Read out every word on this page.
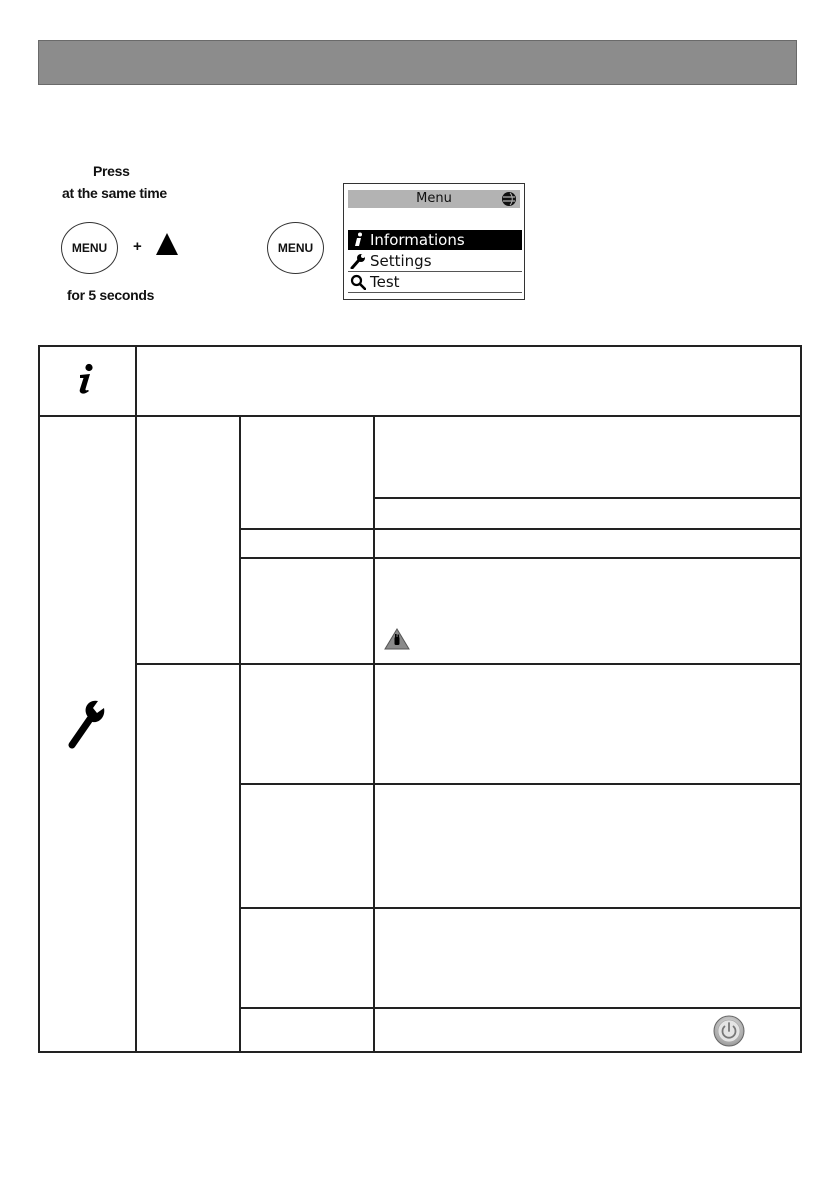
Press
at the same time
MENU +
for 5 seconds
MENU
Menu
Informations
Settings
Test
